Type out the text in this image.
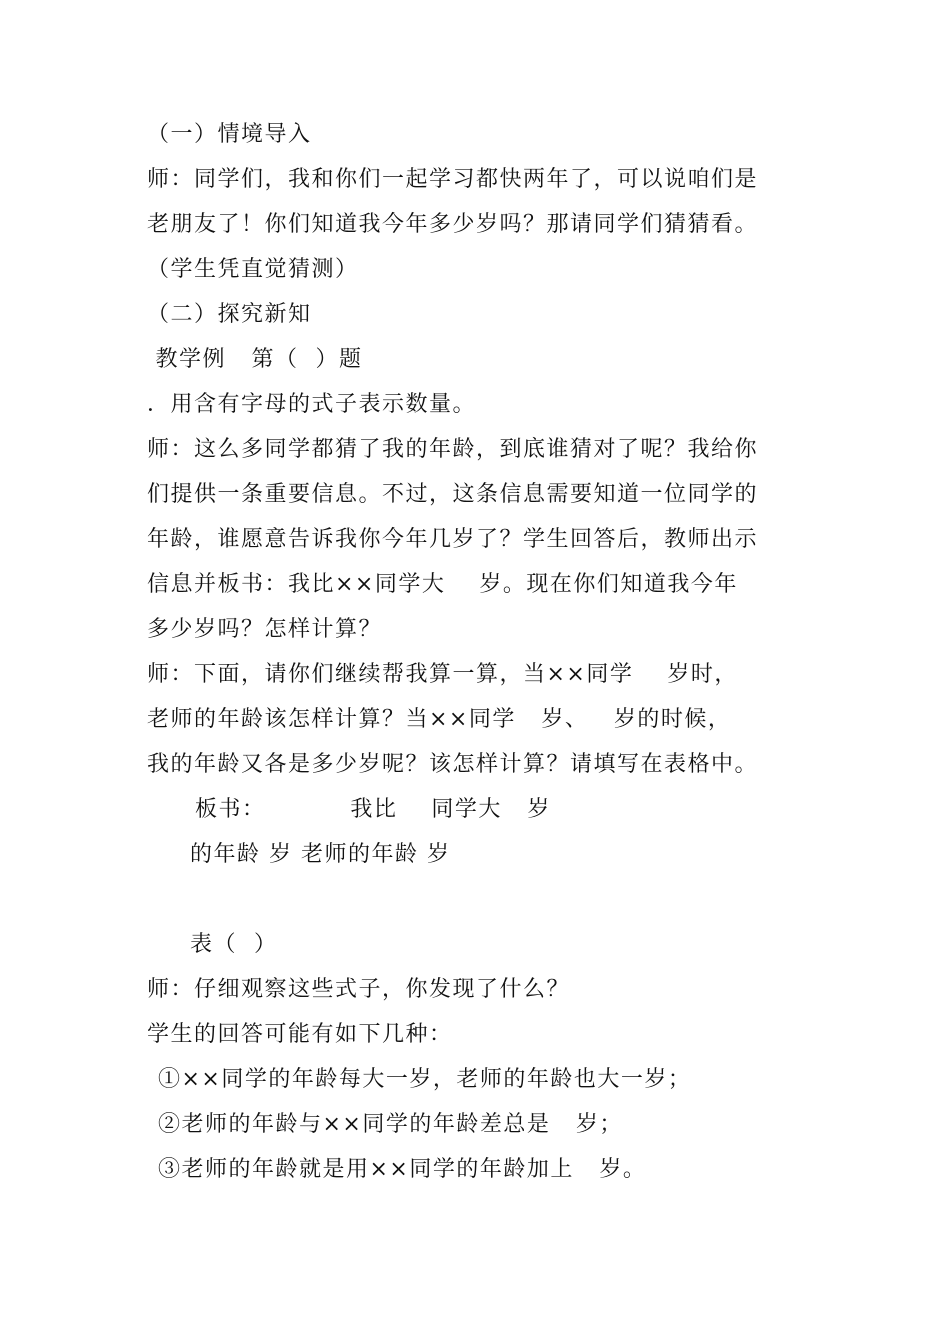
（一）情境导入
师：同学们，我和你们一起学习都快两年了，可以说咱们是
老朋友了！你们知道我今年多少岁吗？那请同学们猜猜看。
（学生凭直觉猜测）
（二）探究新知
教学例   第（  ）题
．用含有字母的式子表示数量。
师：这么多同学都猜了我的年龄，到底谁猜对了呢？我给你
们提供一条重要信息。不过，这条信息需要知道一位同学的
年龄，谁愿意告诉我你今年几岁了？学生回答后，教师出示
信息并板书：我比××同学大    岁。现在你们知道我今年
多少岁吗？怎样计算？
师：下面，请你们继续帮我算一算，当××同学    岁时，
老师的年龄该怎样计算？当××同学   岁、   岁的时候，
我的年龄又各是多少岁呢？该怎样计算？请填写在表格中。
板书：          我比    同学大   岁
的年龄 岁 老师的年龄 岁
表（  ）
师：仔细观察这些式子，你发现了什么？
学生的回答可能有如下几种：
①××同学的年龄每大一岁，老师的年龄也大一岁；
②老师的年龄与××同学的年龄差总是   岁；
③老师的年龄就是用××同学的年龄加上   岁。
